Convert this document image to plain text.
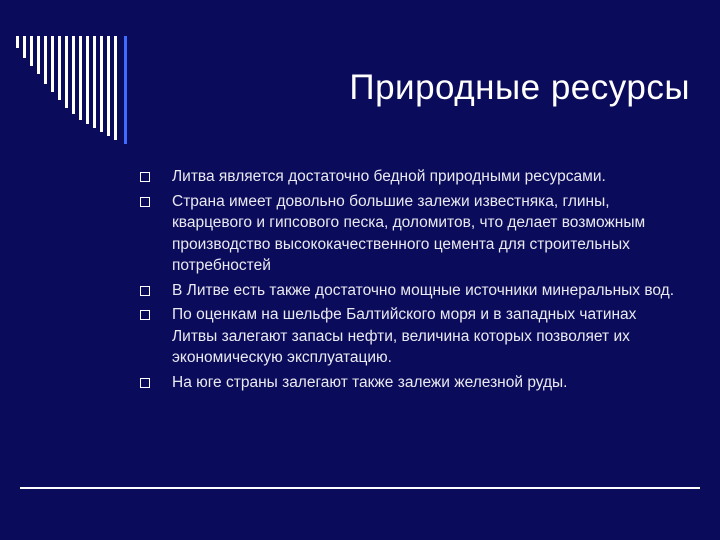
Природные ресурсы
Литва является достаточно бедной природными ресурсами.
Страна имеет довольно большие залежи известняка, глины, кварцевого и гипсового песка, доломитов, что делает возможным производство высококачественного цемента для строительных потребностей
В Литве есть также достаточно мощные источники минеральных вод.
По оценкам на шельфе Балтийского моря и в западных чатинах Литвы залегают запасы нефти, величина которых позволяет их экономическую эксплуатацию.
На юге страны залегают также залежи железной руды.
